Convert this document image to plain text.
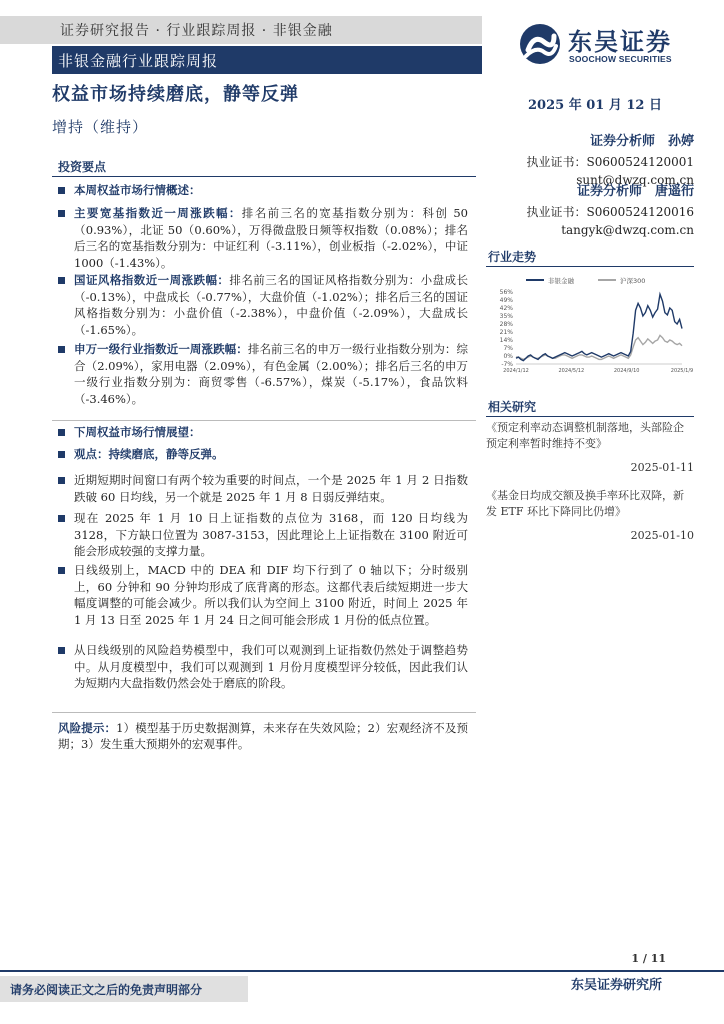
证券研究报告 · 行业跟踪周报 · 非银金融
非银金融行业跟踪周报
东吴证券
SOOCHOW SECURITIES
权益市场持续磨底，静等反弹
2025 年 01 月 12 日
增持（维持）
证券分析师　孙婷
执业证书：S0600524120001
sunt@dwzq.com.cn
证券分析师　唐遥衎
执业证书：S0600524120016
tangyk@dwzq.com.cn
行业走势
非银金融	沪深300
56%
49%
42%
35%
28%
21%
14%
7%
0%
-7%
2024/1/12	2024/5/12	2024/9/10	2025/1/9
相关研究
《预定利率动态调整机制落地，头部险企预定利率暂时维持不变》
2025-01-11
《基金日均成交额及换手率环比双降，新发 ETF 环比下降同比仍增》
2025-01-10
投资要点
本周权益市场行情概述：
主要宽基指数近一周涨跌幅：排名前三名的宽基指数分别为：科创 50（0.93%），北证 50（0.60%），万得微盘股日频等权指数（0.08%）；排名后三名的宽基指数分别为：中证红利（-3.11%），创业板指（-2.02%），中证 1000（-1.43%）。
国证风格指数近一周涨跌幅：排名前三名的国证风格指数分别为：小盘成长（-0.13%），中盘成长（-0.77%），大盘价值（-1.02%）；排名后三名的国证风格指数分别为：小盘价值（-2.38%），中盘价值（-2.09%），大盘成长（-1.65%）。
申万一级行业指数近一周涨跌幅：排名前三名的申万一级行业指数分别为：综合（2.09%），家用电器（2.09%），有色金属（2.00%）；排名后三名的申万一级行业指数分别为：商贸零售（-6.57%），煤炭（-5.17%），食品饮料（-3.46%）。
下周权益市场行情展望：
观点：持续磨底，静等反弹。
近期短期时间窗口有两个较为重要的时间点，一个是 2025 年 1 月 2 日指数跌破 60 日均线，另一个就是 2025 年 1 月 8 日弱反弹结束。
现在 2025 年 1 月 10 日上证指数的点位为 3168，而 120 日均线为 3128，下方缺口位置为 3087-3153，因此理论上上证指数在 3100 附近可能会形成较强的支撑力量。
日线级别上，MACD 中的 DEA 和 DIF 均下行到了 0 轴以下；分时级别上，60 分钟和 90 分钟均形成了底背离的形态。这都代表后续短期进一步大幅度调整的可能会减少。所以我们认为空间上 3100 附近，时间上 2025 年 1 月 13 日至 2025 年 1 月 24 日之间可能会形成 1 月份的低点位置。
从日线级别的风险趋势模型中，我们可以观测到上证指数仍然处于调整趋势中。从月度模型中，我们可以观测到 1 月份月度模型评分较低，因此我们认为短期内大盘指数仍然会处于磨底的阶段。
风险提示：1）模型基于历史数据测算，未来存在失效风险；2）宏观经济不及预期；3）发生重大预期外的宏观事件。
1 / 11
请务必阅读正文之后的免责声明部分	东吴证券研究所
